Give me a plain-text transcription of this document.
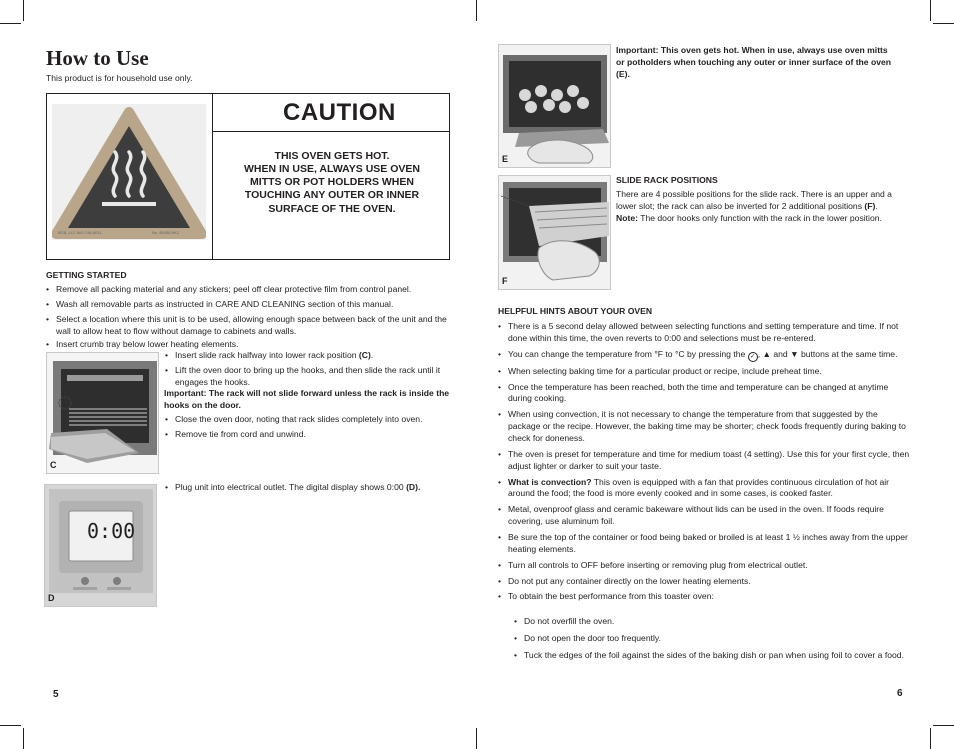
How to Use
This product is for household use only.
BCB, LLC 800-748-8011	No. 80458-9K2
CAUTION
THIS OVEN GETS HOT.
WHEN IN USE, ALWAYS USE OVEN
MITTS OR POT HOLDERS WHEN
TOUCHING ANY OUTER OR INNER
SURFACE OF THE OVEN.
GETTING STARTED
• Remove all packing material and any stickers; peel off clear protective film from control panel.
• Wash all removable parts as instructed in CARE AND CLEANING section of this manual.
• Select a location where this unit is to be used, allowing enough space between back of the unit and the wall to allow heat to flow without damage to cabinets and walls.
• Insert crumb tray below lower heating elements.
C
• Insert slide rack halfway into lower rack position (C).
• Lift the oven door to bring up the hooks, and then slide the rack until it engages the hooks.
Important: The rack will not slide forward unless the rack is inside the hooks on the door.
• Close the oven door, noting that rack slides completely into oven.
• Remove tie from cord and unwind.
0:00
D
• Plug unit into electrical outlet. The digital display shows 0:00 (D).
5
E
Important: This oven gets hot. When in use, always use oven mitts or potholders when touching any outer or inner surface of the oven (E).
F
SLIDE RACK POSITIONS
There are 4 possible positions for the slide rack. There is an upper and a lower slot; the rack can also be inverted for 2 additional positions (F).
Note: The door hooks only function with the rack in the lower position.
HELPFUL HINTS ABOUT YOUR OVEN
• There is a 5 second delay allowed between selecting functions and setting temperature and time. If not done within this time, the oven reverts to 0:00 and selections must be re-entered.
• You can change the temperature from °F to °C by pressing the ✓ , ▲ and ▼ buttons at the same time.
• When selecting baking time for a particular product or recipe, include preheat time.
• Once the temperature has been reached, both the time and temperature can be changed at anytime during cooking.
• When using convection, it is not necessary to change the temperature from that suggested by the package or the recipe. However, the baking time may be shorter; check foods frequently during baking to check for doneness.
• The oven is preset for temperature and time for medium toast (4 setting). Use this for your first cycle, then adjust lighter or darker to suit your taste.
• What is convection? This oven is equipped with a fan that provides continuous circulation of hot air around the food; the food is more evenly cooked and in some cases, is cooked faster.
• Metal, ovenproof glass and ceramic bakeware without lids can be used in the oven. If foods require covering, use aluminum foil.
• Be sure the top of the container or food being baked or broiled is at least 1 ½ inches away from the upper heating elements.
• Turn all controls to OFF before inserting or removing plug from electrical outlet.
• Do not put any container directly on the lower heating elements.
• To obtain the best performance from this toaster oven:
• Do not overfill the oven.
• Do not open the door too frequently.
• Tuck the edges of the foil against the sides of the baking dish or pan when using foil to cover a food.
6
